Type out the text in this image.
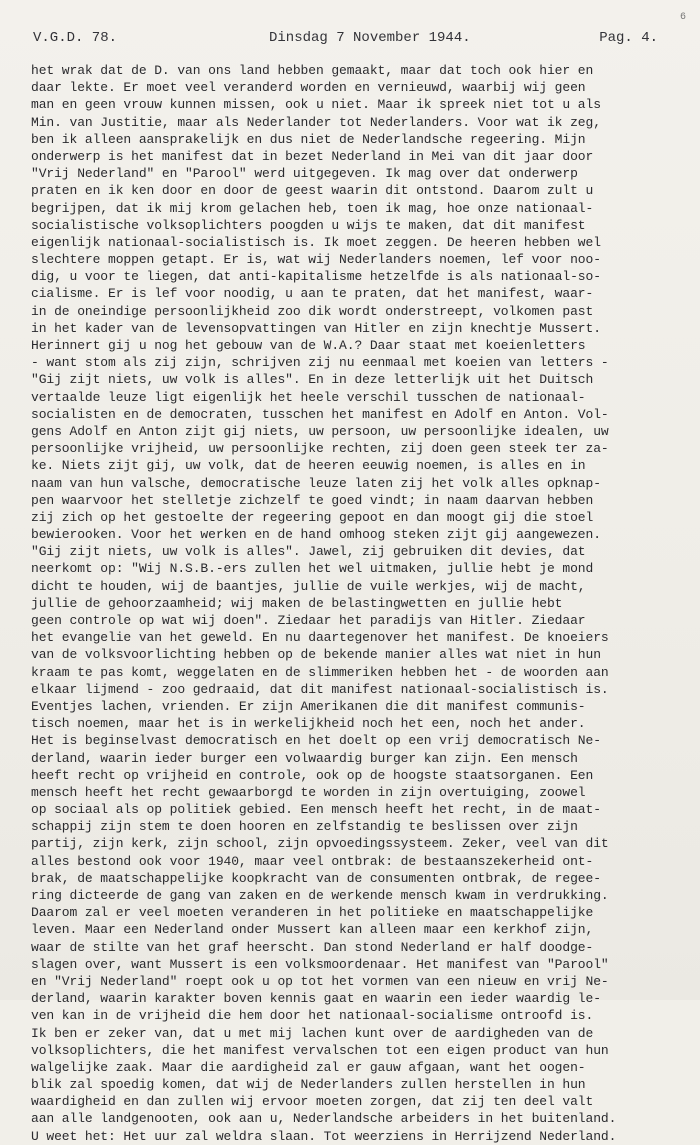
6
V.G.D. 78.	Dinsdag 7 November 1944.	Pag. 4.
het wrak dat de D. van ons land hebben gemaakt, maar dat toch ook hier en
daar lekte. Er moet veel veranderd worden en vernieuwd, waarbij wij geen
man en geen vrouw kunnen missen, ook u niet. Maar ik spreek niet tot u als
Min. van Justitie, maar als Nederlander tot Nederlanders. Voor wat ik zeg,
ben ik alleen aansprakelijk en dus niet de Nederlandsche regeering. Mijn
onderwerp is het manifest dat in bezet Nederland in Mei van dit jaar door
"Vrij Nederland" en "Parool" werd uitgegeven. Ik mag over dat onderwerp
praten en ik ken door en door de geest waarin dit ontstond. Daarom zult u
begrijpen, dat ik mij krom gelachen heb, toen ik mag, hoe onze nationaal-
socialistische volksoplichters poogden u wijs te maken, dat dit manifest
eigenlijk nationaal-socialistisch is. Ik moet zeggen. De heeren hebben wel
slechtere moppen getapt. Er is, wat wij Nederlanders noemen, lef voor noo-
dig, u voor te liegen, dat anti-kapitalisme hetzelfde is als nationaal-so-
cialisme. Er is lef voor noodig, u aan te praten, dat het manifest, waar-
in de oneindige persoonlijkheid zoo dik wordt onderstreept, volkomen past
in het kader van de levensopvattingen van Hitler en zijn knechtje Mussert.
Herinnert gij u nog het gebouw van de W.A.? Daar staat met koeienletters
- want stom als zij zijn, schrijven zij nu eenmaal met koeien van letters -
"Gij zijt niets, uw volk is alles". En in deze letterlijk uit het Duitsch
vertaalde leuze ligt eigenlijk het heele verschil tusschen de nationaal-
socialisten en de democraten, tusschen het manifest en Adolf en Anton. Vol-
gens Adolf en Anton zijt gij niets, uw persoon, uw persoonlijke idealen, uw
persoonlijke vrijheid, uw persoonlijke rechten, zij doen geen steek ter za-
ke. Niets zijt gij, uw volk, dat de heeren eeuwig noemen, is alles en in
naam van hun valsche, democratische leuze laten zij het volk alles opknap-
pen waarvoor het stelletje zichzelf te goed vindt; in naam daarvan hebben
zij zich op het gestoelte der regeering gepoot en dan moogt gij die stoel
bewierooken. Voor het werken en de hand omhoog steken zijt gij aangewezen.
"Gij zijt niets, uw volk is alles". Jawel, zij gebruiken dit devies, dat
neerkomt op: "Wij N.S.B.-ers zullen het wel uitmaken, jullie hebt je mond
dicht te houden, wij de baantjes, jullie de vuile werkjes, wij de macht,
jullie de gehoorzaamheid; wij maken de belastingwetten en jullie hebt
geen controle op wat wij doen". Ziedaar het paradijs van Hitler. Ziedaar
het evangelie van het geweld. En nu daartegenover het manifest. De knoeiers
van de volksvoorlichting hebben op de bekende manier alles wat niet in hun
kraam te pas komt, weggelaten en de slimmeriken hebben het - de woorden aan
elkaar lijmend - zoo gedraaid, dat dit manifest nationaal-socialistisch is.
Eventjes lachen, vrienden. Er zijn Amerikanen die dit manifest communis-
tisch noemen, maar het is in werkelijkheid noch het een, noch het ander.
Het is beginselvast democratisch en het doelt op een vrij democratisch Ne-
derland, waarin ieder burger een volwaardig burger kan zijn. Een mensch
heeft recht op vrijheid en controle, ook op de hoogste staatsorganen. Een
mensch heeft het recht gewaarborgd te worden in zijn overtuiging, zoowel
op sociaal als op politiek gebied. Een mensch heeft het recht, in de maat-
schappij zijn stem te doen hooren en zelfstandig te beslissen over zijn
partij, zijn kerk, zijn school, zijn opvoedingssysteem. Zeker, veel van dit
alles bestond ook voor 1940, maar veel ontbrak: de bestaanszekerheid ont-
brak, de maatschappelijke koopkracht van de consumenten ontbrak, de regee-
ring dicteerde de gang van zaken en de werkende mensch kwam in verdrukking.
Daarom zal er veel moeten veranderen in het politieke en maatschappelijke
leven. Maar een Nederland onder Mussert kan alleen maar een kerkhof zijn,
waar de stilte van het graf heerscht. Dan stond Nederland er half doodge-
slagen over, want Mussert is een volksmoordenaar. Het manifest van "Parool"
en "Vrij Nederland" roept ook u op tot het vormen van een nieuw en vrij Ne-
derland, waarin karakter boven kennis gaat en waarin een ieder waardig le-
ven kan in de vrijheid die hem door het nationaal-socialisme ontroofd is.
Ik ben er zeker van, dat u met mij lachen kunt over de aardigheden van de
volksoplichters, die het manifest vervalschen tot een eigen product van hun
walgelijke zaak. Maar die aardigheid zal er gauw afgaan, want het oogen-
blik zal spoedig komen, dat wij de Nederlanders zullen herstellen in hun
waardigheid en dan zullen wij ervoor moeten zorgen, dat zij ten deel valt
aan alle landgenooten, ook aan u, Nederlandsche arbeiders in het buitenland.
U weet het: Het uur zal weldra slaan. Tot weerziens in Herrijzend Nederland.
